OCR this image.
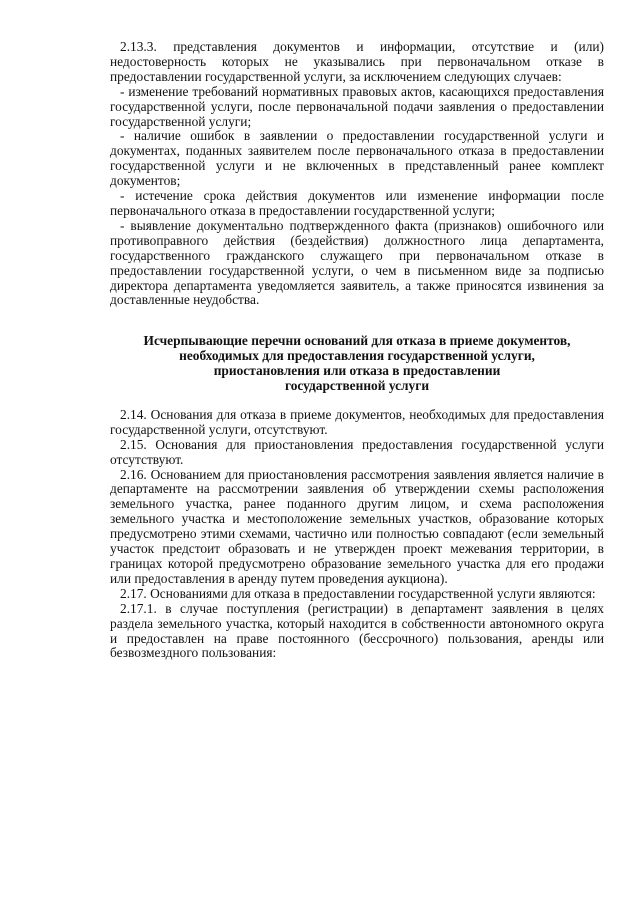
2.13.3. представления документов и информации, отсутствие и (или) недостоверность которых не указывались при первоначальном отказе в предоставлении государственной услуги, за исключением следующих случаев:

- изменение требований нормативных правовых актов, касающихся предоставления государственной услуги, после первоначальной подачи заявления о предоставлении государственной услуги;

- наличие ошибок в заявлении о предоставлении государственной услуги и документах, поданных заявителем после первоначального отказа в предоставлении государственной услуги и не включенных в представленный ранее комплект документов;

- истечение срока действия документов или изменение информации после первоначального отказа в предоставлении государственной услуги;

- выявление документально подтвержденного факта (признаков) ошибочного или противоправного действия (бездействия) должностного лица департамента, государственного гражданского служащего при первоначальном отказе в предоставлении государственной услуги, о чем в письменном виде за подписью директора департамента уведомляется заявитель, а также приносятся извинения за доставленные неудобства.

Исчерпывающие перечни оснований для отказа в приеме документов,
необходимых для предоставления государственной услуги,
приостановления или отказа в предоставлении
государственной услуги

2.14. Основания для отказа в приеме документов, необходимых для предоставления государственной услуги, отсутствуют.

2.15. Основания для приостановления предоставления государственной услуги отсутствуют.

2.16. Основанием для приостановления рассмотрения заявления является наличие в департаменте на рассмотрении заявления об утверждении схемы расположения земельного участка, ранее поданного другим лицом, и схема расположения земельного участка и местоположение земельных участков, образование которых предусмотрено этими схемами, частично или полностью совпадают (если земельный участок предстоит образовать и не утвержден проект межевания территории, в границах которой предусмотрено образование земельного участка для его продажи или предоставления в аренду путем проведения аукциона).

2.17. Основаниями для отказа в предоставлении государственной услуги являются:

2.17.1. в случае поступления (регистрации) в департамент заявления в целях раздела земельного участка, который находится в собственности автономного округа и предоставлен на праве постоянного (бессрочного) пользования, аренды или безвозмездного пользования:
